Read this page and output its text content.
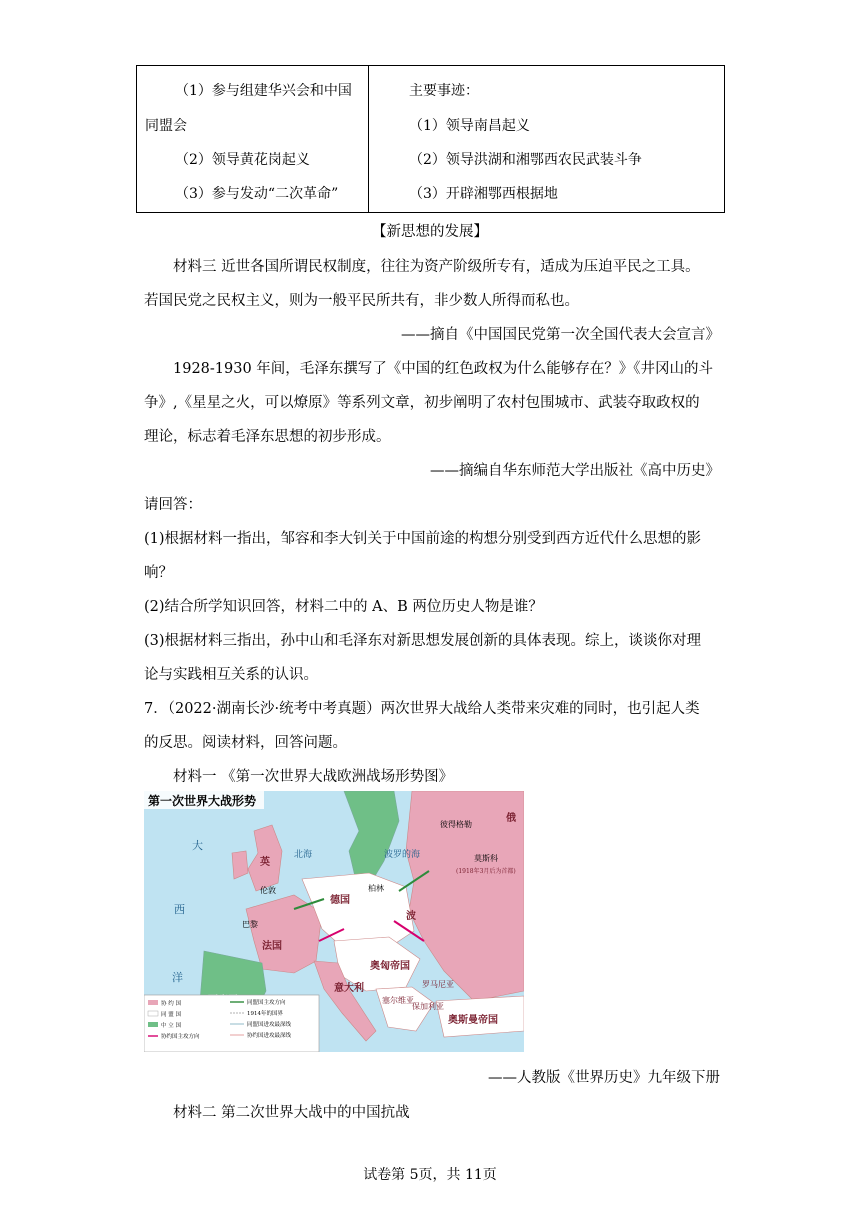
（1）参与组建华兴会和中国
同盟会
（2）领导黄花岗起义
（3）参与发动“二次革命”
主要事迹：
（1）领导南昌起义
（2）领导洪湖和湘鄂西农民武装斗争
（3）开辟湘鄂西根据地
【新思想的发展】
材料三 近世各国所谓民权制度，往往为资产阶级所专有，适成为压迫平民之工具。
若国民党之民权主义，则为一般平民所共有，非少数人所得而私也。
——摘自《中国国民党第一次全国代表大会宣言》
1928-1930 年间，毛泽东撰写了《中国的红色政权为什么能够存在？》《井冈山的斗
争》,《星星之火，可以燎原》等系列文章，初步阐明了农村包围城市、武装夺取政权的
理论，标志着毛泽东思想的初步形成。
——摘编自华东师范大学出版社《高中历史》
请回答：
(1)根据材料一指出，邹容和李大钊关于中国前途的构想分别受到西方近代什么思想的影
响？
(2)结合所学知识回答，材料二中的 A、B 两位历史人物是谁？
(3)根据材料三指出，孙中山和毛泽东对新思想发展创新的具体表现。综上，谈谈你对理
论与实践相互关系的认识。
7．（2022·湖南长沙·统考中考真题）两次世界大战给人类带来灾难的同时，也引起人类
的反思。阅读材料，回答问题。
材料一 《第一次世界大战欧洲战场形势图》
第一次世界大战形势
大
西
洋
北海	波罗的海
伦敦
巴黎
柏林
彼得格勒
莫斯科
(1918年3月后为首都)
法国
德国
奥匈帝国
意大利
奥斯曼帝国
俄
英
罗马尼亚
保加利亚
塞尔维亚
波
协 约 国
同 盟 国
中 立 国
协约国主攻方向
同盟国主攻方向
1914年的国界
同盟国进攻最深线
协约国进攻最深线
——人教版《世界历史》九年级下册
材料二 第二次世界大战中的中国抗战
试卷第 5页，共 11页
